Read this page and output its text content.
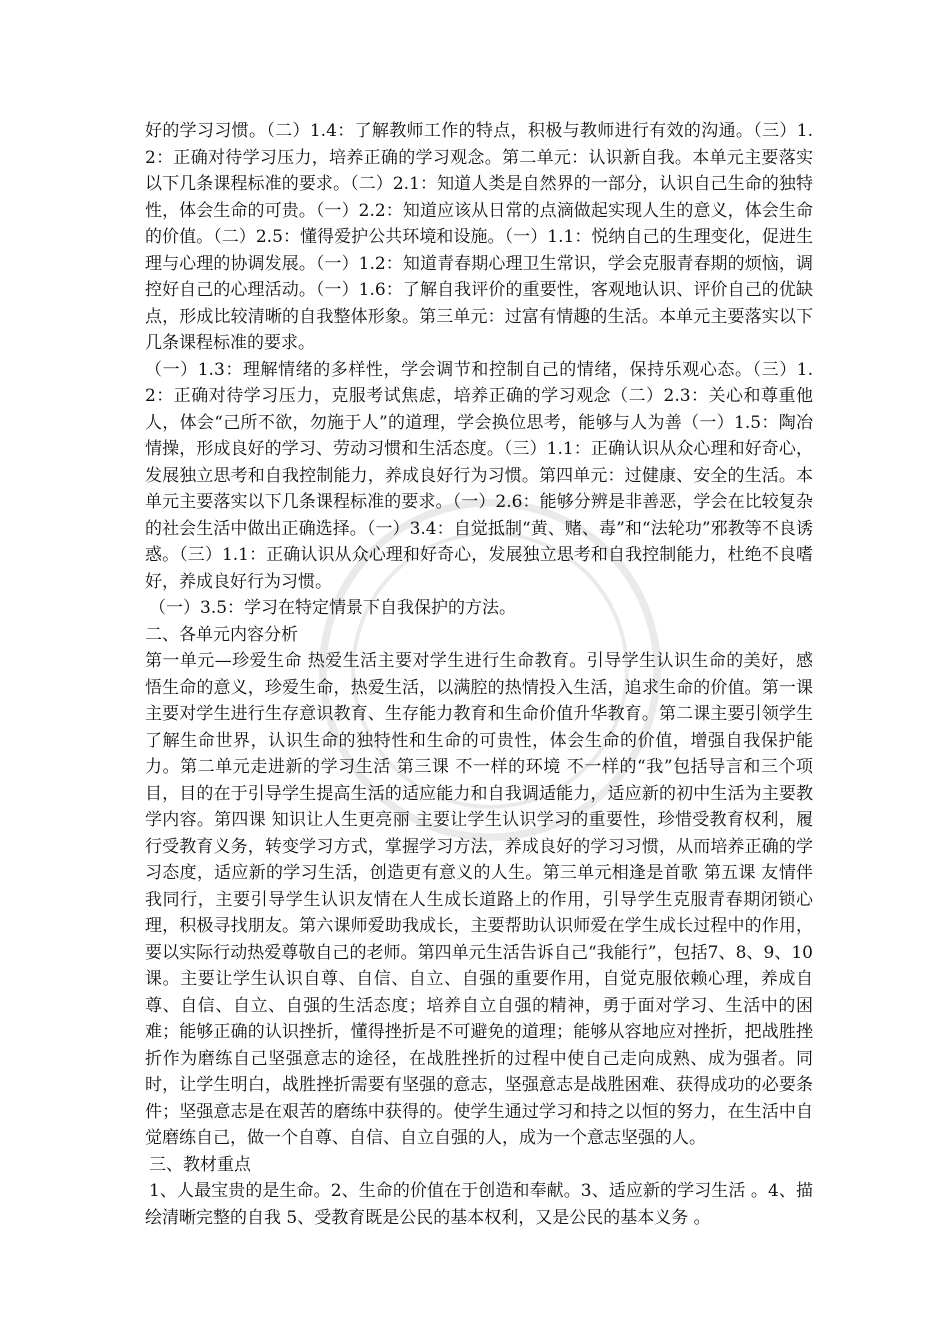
好的学习习惯。（二）1.4：了解教师工作的特点，积极与教师进行有效的沟通。（三）1.2：正确对待学习压力，培养正确的学习观念。第二单元：认识新自我。本单元主要落实以下几条课程标准的要求。（二）2.1：知道人类是自然界的一部分，认识自己生命的独特性，体会生命的可贵。（一）2.2：知道应该从日常的点滴做起实现人生的意义，体会生命的价值。（二）2.5：懂得爱护公共环境和设施。（一）1.1：悦纳自己的生理变化，促进生理与心理的协调发展。（一）1.2：知道青春期心理卫生常识，学会克服青春期的烦恼，调控好自己的心理活动。（一）1.6：了解自我评价的重要性，客观地认识、评价自己的优缺点，形成比较清晰的自我整体形象。第三单元：过富有情趣的生活。本单元主要落实以下几条课程标准的要求。

（一）1.3：理解情绪的多样性，学会调节和控制自己的情绪，保持乐观心态。（三）1.2：正确对待学习压力，克服考试焦虑，培养正确的学习观念（二）2.3：关心和尊重他人，体会“己所不欲，勿施于人”的道理，学会换位思考，能够与人为善（一）1.5：陶冶情操，形成良好的学习、劳动习惯和生活态度。（三）1.1：正确认识从众心理和好奇心，发展独立思考和自我控制能力，养成良好行为习惯。第四单元：过健康、安全的生活。本单元主要落实以下几条课程标准的要求。（一）2.6：能够分辨是非善恶，学会在比较复杂的社会生活中做出正确选择。（一）3.4：自觉抵制“黄、赌、毒”和“法轮功”邪教等不良诱惑。（三）1.1：正确认识从众心理和好奇心，发展独立思考和自我控制能力，杜绝不良嗜好，养成良好行为习惯。

（一）3.5：学习在特定情景下自我保护的方法。

二、各单元内容分析

第一单元—珍爱生命 热爱生活主要对学生进行生命教育。引导学生认识生命的美好，感悟生命的意义，珍爱生命，热爱生活，以满腔的热情投入生活，追求生命的价值。第一课主要对学生进行生存意识教育、生存能力教育和生命价值升华教育。第二课主要引领学生了解生命世界，认识生命的独特性和生命的可贵性，体会生命的价值，增强自我保护能力。第二单元走进新的学习生活 第三课 不一样的环境 不一样的“我”包括导言和三个项目，目的在于引导学生提高生活的适应能力和自我调适能力，适应新的初中生活为主要教学内容。第四课 知识让人生更亮丽 主要让学生认识学习的重要性，珍惜受教育权利，履行受教育义务，转变学习方式，掌握学习方法，养成良好的学习习惯，从而培养正确的学习态度，适应新的学习生活，创造更有意义的人生。第三单元相逢是首歌 第五课 友情伴我同行，主要引导学生认识友情在人生成长道路上的作用，引导学生克服青春期闭锁心理，积极寻找朋友。第六课师爱助我成长，主要帮助认识师爱在学生成长过程中的作用，要以实际行动热爱尊敬自己的老师。第四单元生活告诉自己“我能行”，包括7、8、9、10课。主要让学生认识自尊、自信、自立、自强的重要作用，自觉克服依赖心理，养成自尊、自信、自立、自强的生活态度；培养自立自强的精神，勇于面对学习、生活中的困难；能够正确的认识挫折，懂得挫折是不可避免的道理；能够从容地应对挫折，把战胜挫折作为磨练自己坚强意志的途径，在战胜挫折的过程中使自己走向成熟、成为强者。同时，让学生明白，战胜挫折需要有坚强的意志，坚强意志是战胜困难、获得成功的必要条件；坚强意志是在艰苦的磨练中获得的。使学生通过学习和持之以恒的努力，在生活中自觉磨练自己，做一个自尊、自信、自立自强的人，成为一个意志坚强的人。

三、教材重点

1、人最宝贵的是生命。2、生命的价值在于创造和奉献。3、适应新的学习生活 。4、描绘清晰完整的自我 5、受教育既是公民的基本权利，又是公民的基本义务 。
